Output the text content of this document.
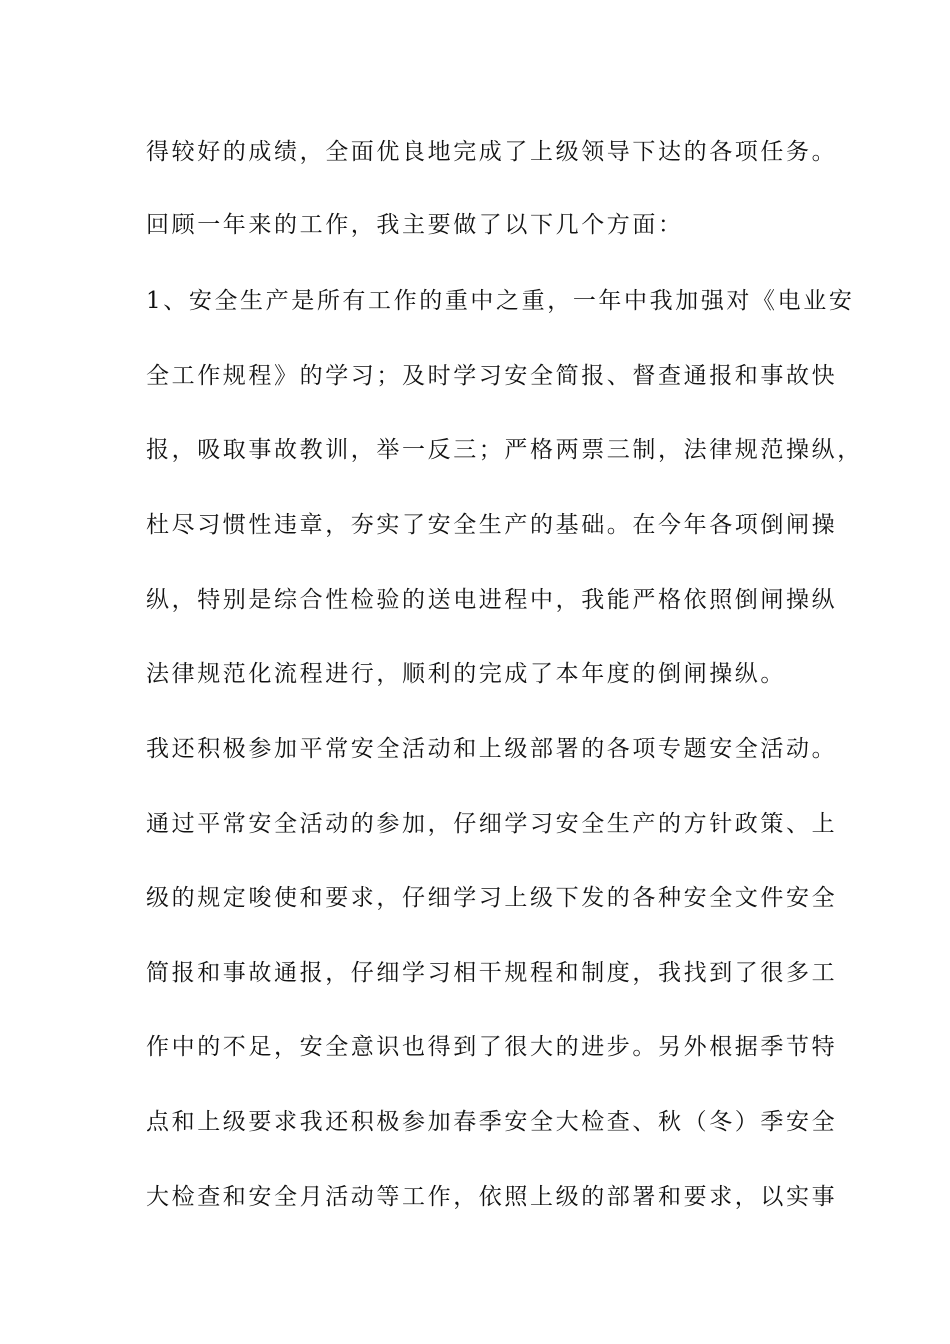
得较好的成绩，全面优良地完成了上级领导下达的各项任务。
回顾一年来的工作，我主要做了以下几个方面：
1、安全生产是所有工作的重中之重，一年中我加强对《电业安
全工作规程》的学习；及时学习安全简报、督查通报和事故快
报，吸取事故教训，举一反三；严格两票三制，法律规范操纵，
杜尽习惯性违章，夯实了安全生产的基础。在今年各项倒闸操
纵，特别是综合性检验的送电进程中，我能严格依照倒闸操纵
法律规范化流程进行，顺利的完成了本年度的倒闸操纵。
我还积极参加平常安全活动和上级部署的各项专题安全活动。
通过平常安全活动的参加，仔细学习安全生产的方针政策、上
级的规定唆使和要求，仔细学习上级下发的各种安全文件安全
简报和事故通报，仔细学习相干规程和制度，我找到了很多工
作中的不足，安全意识也得到了很大的进步。另外根据季节特
点和上级要求我还积极参加春季安全大检查、秋（冬）季安全
大检查和安全月活动等工作，依照上级的部署和要求，以实事
